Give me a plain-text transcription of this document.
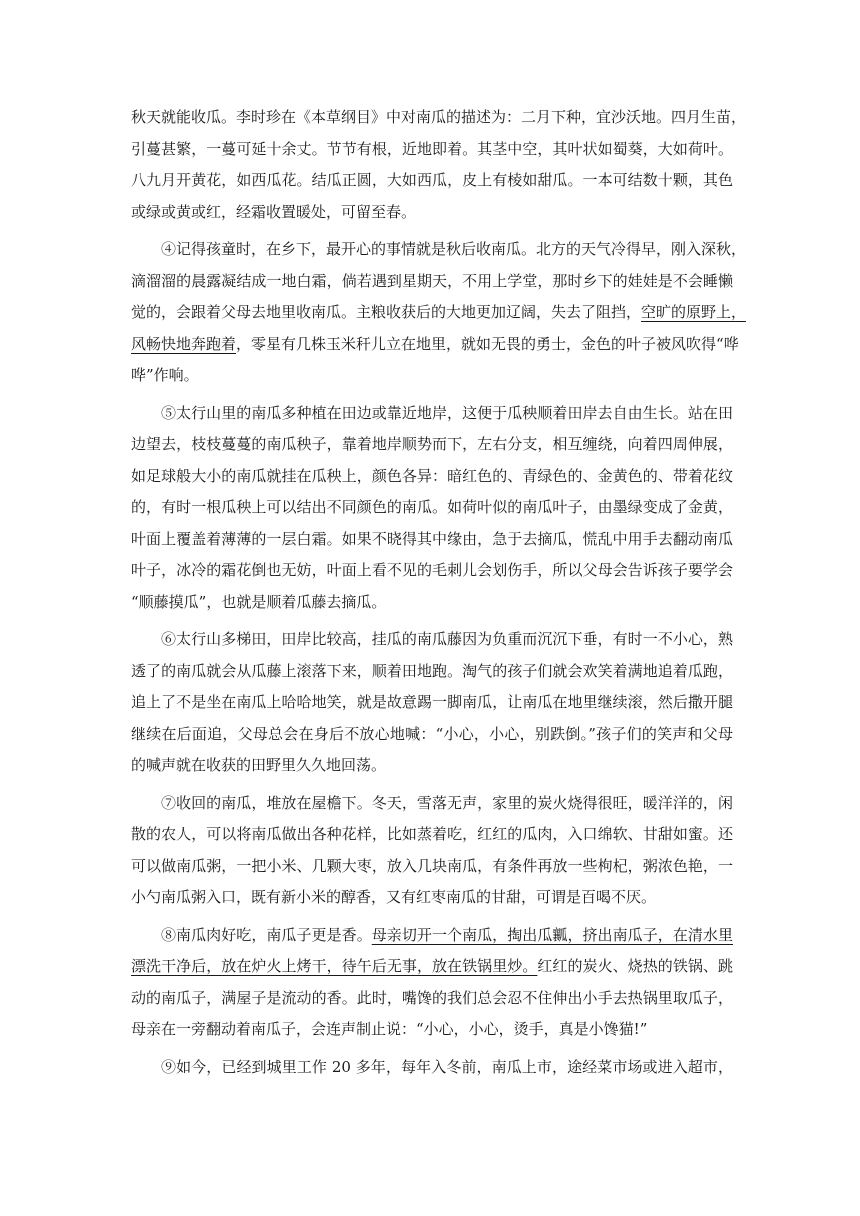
秋天就能收瓜。李时珍在《本草纲目》中对南瓜的描述为：二月下种，宜沙沃地。四月生苗，
引蔓甚繁，一蔓可延十余丈。节节有根，近地即着。其茎中空，其叶状如蜀葵，大如荷叶。
八九月开黄花，如西瓜花。结瓜正圆，大如西瓜，皮上有棱如甜瓜。一本可结数十颗，其色
或绿或黄或红，经霜收置暖处，可留至春。
④记得孩童时，在乡下，最开心的事情就是秋后收南瓜。北方的天气冷得早，刚入深秋，
滴溜溜的晨露凝结成一地白霜，倘若遇到星期天，不用上学堂，那时乡下的娃娃是不会睡懒
觉的，会跟着父母去地里收南瓜。主粮收获后的大地更加辽阔，失去了阻挡，空旷的原野上，
风畅快地奔跑着，零星有几株玉米秆儿立在地里，就如无畏的勇士，金色的叶子被风吹得“哗
哗”作响。
⑤太行山里的南瓜多种植在田边或靠近地岸，这便于瓜秧顺着田岸去自由生长。站在田
边望去，枝枝蔓蔓的南瓜秧子，靠着地岸顺势而下，左右分支，相互缠绕，向着四周伸展，
如足球般大小的南瓜就挂在瓜秧上，颜色各异：暗红色的、青绿色的、金黄色的、带着花纹
的，有时一根瓜秧上可以结出不同颜色的南瓜。如荷叶似的南瓜叶子，由墨绿变成了金黄，
叶面上覆盖着薄薄的一层白霜。如果不晓得其中缘由，急于去摘瓜，慌乱中用手去翻动南瓜
叶子，冰冷的霜花倒也无妨，叶面上看不见的毛刺儿会划伤手，所以父母会告诉孩子要学会
“顺藤摸瓜”，也就是顺着瓜藤去摘瓜。
⑥太行山多梯田，田岸比较高，挂瓜的南瓜藤因为负重而沉沉下垂，有时一不小心，熟
透了的南瓜就会从瓜藤上滚落下来，顺着田地跑。淘气的孩子们就会欢笑着满地追着瓜跑，
追上了不是坐在南瓜上哈哈地笑，就是故意踢一脚南瓜，让南瓜在地里继续滚，然后撒开腿
继续在后面追，父母总会在身后不放心地喊：“小心，小心，别跌倒。”孩子们的笑声和父母
的喊声就在收获的田野里久久地回荡。
⑦收回的南瓜，堆放在屋檐下。冬天，雪落无声，家里的炭火烧得很旺，暖洋洋的，闲
散的农人，可以将南瓜做出各种花样，比如蒸着吃，红红的瓜肉，入口绵软、甘甜如蜜。还
可以做南瓜粥，一把小米、几颗大枣，放入几块南瓜，有条件再放一些枸杞，粥浓色艳，一
小勺南瓜粥入口，既有新小米的醇香，又有红枣南瓜的甘甜，可谓是百喝不厌。
⑧南瓜肉好吃，南瓜子更是香。母亲切开一个南瓜，掏出瓜瓤，挤出南瓜子，在清水里
漂洗干净后，放在炉火上烤干，待午后无事，放在铁锅里炒。红红的炭火、烧热的铁锅、跳
动的南瓜子，满屋子是流动的香。此时，嘴馋的我们总会忍不住伸出小手去热锅里取瓜子，
母亲在一旁翻动着南瓜子，会连声制止说：“小心，小心，烫手，真是小馋猫!”
⑨如今，已经到城里工作 20 多年，每年入冬前，南瓜上市，途经菜市场或进入超市，
